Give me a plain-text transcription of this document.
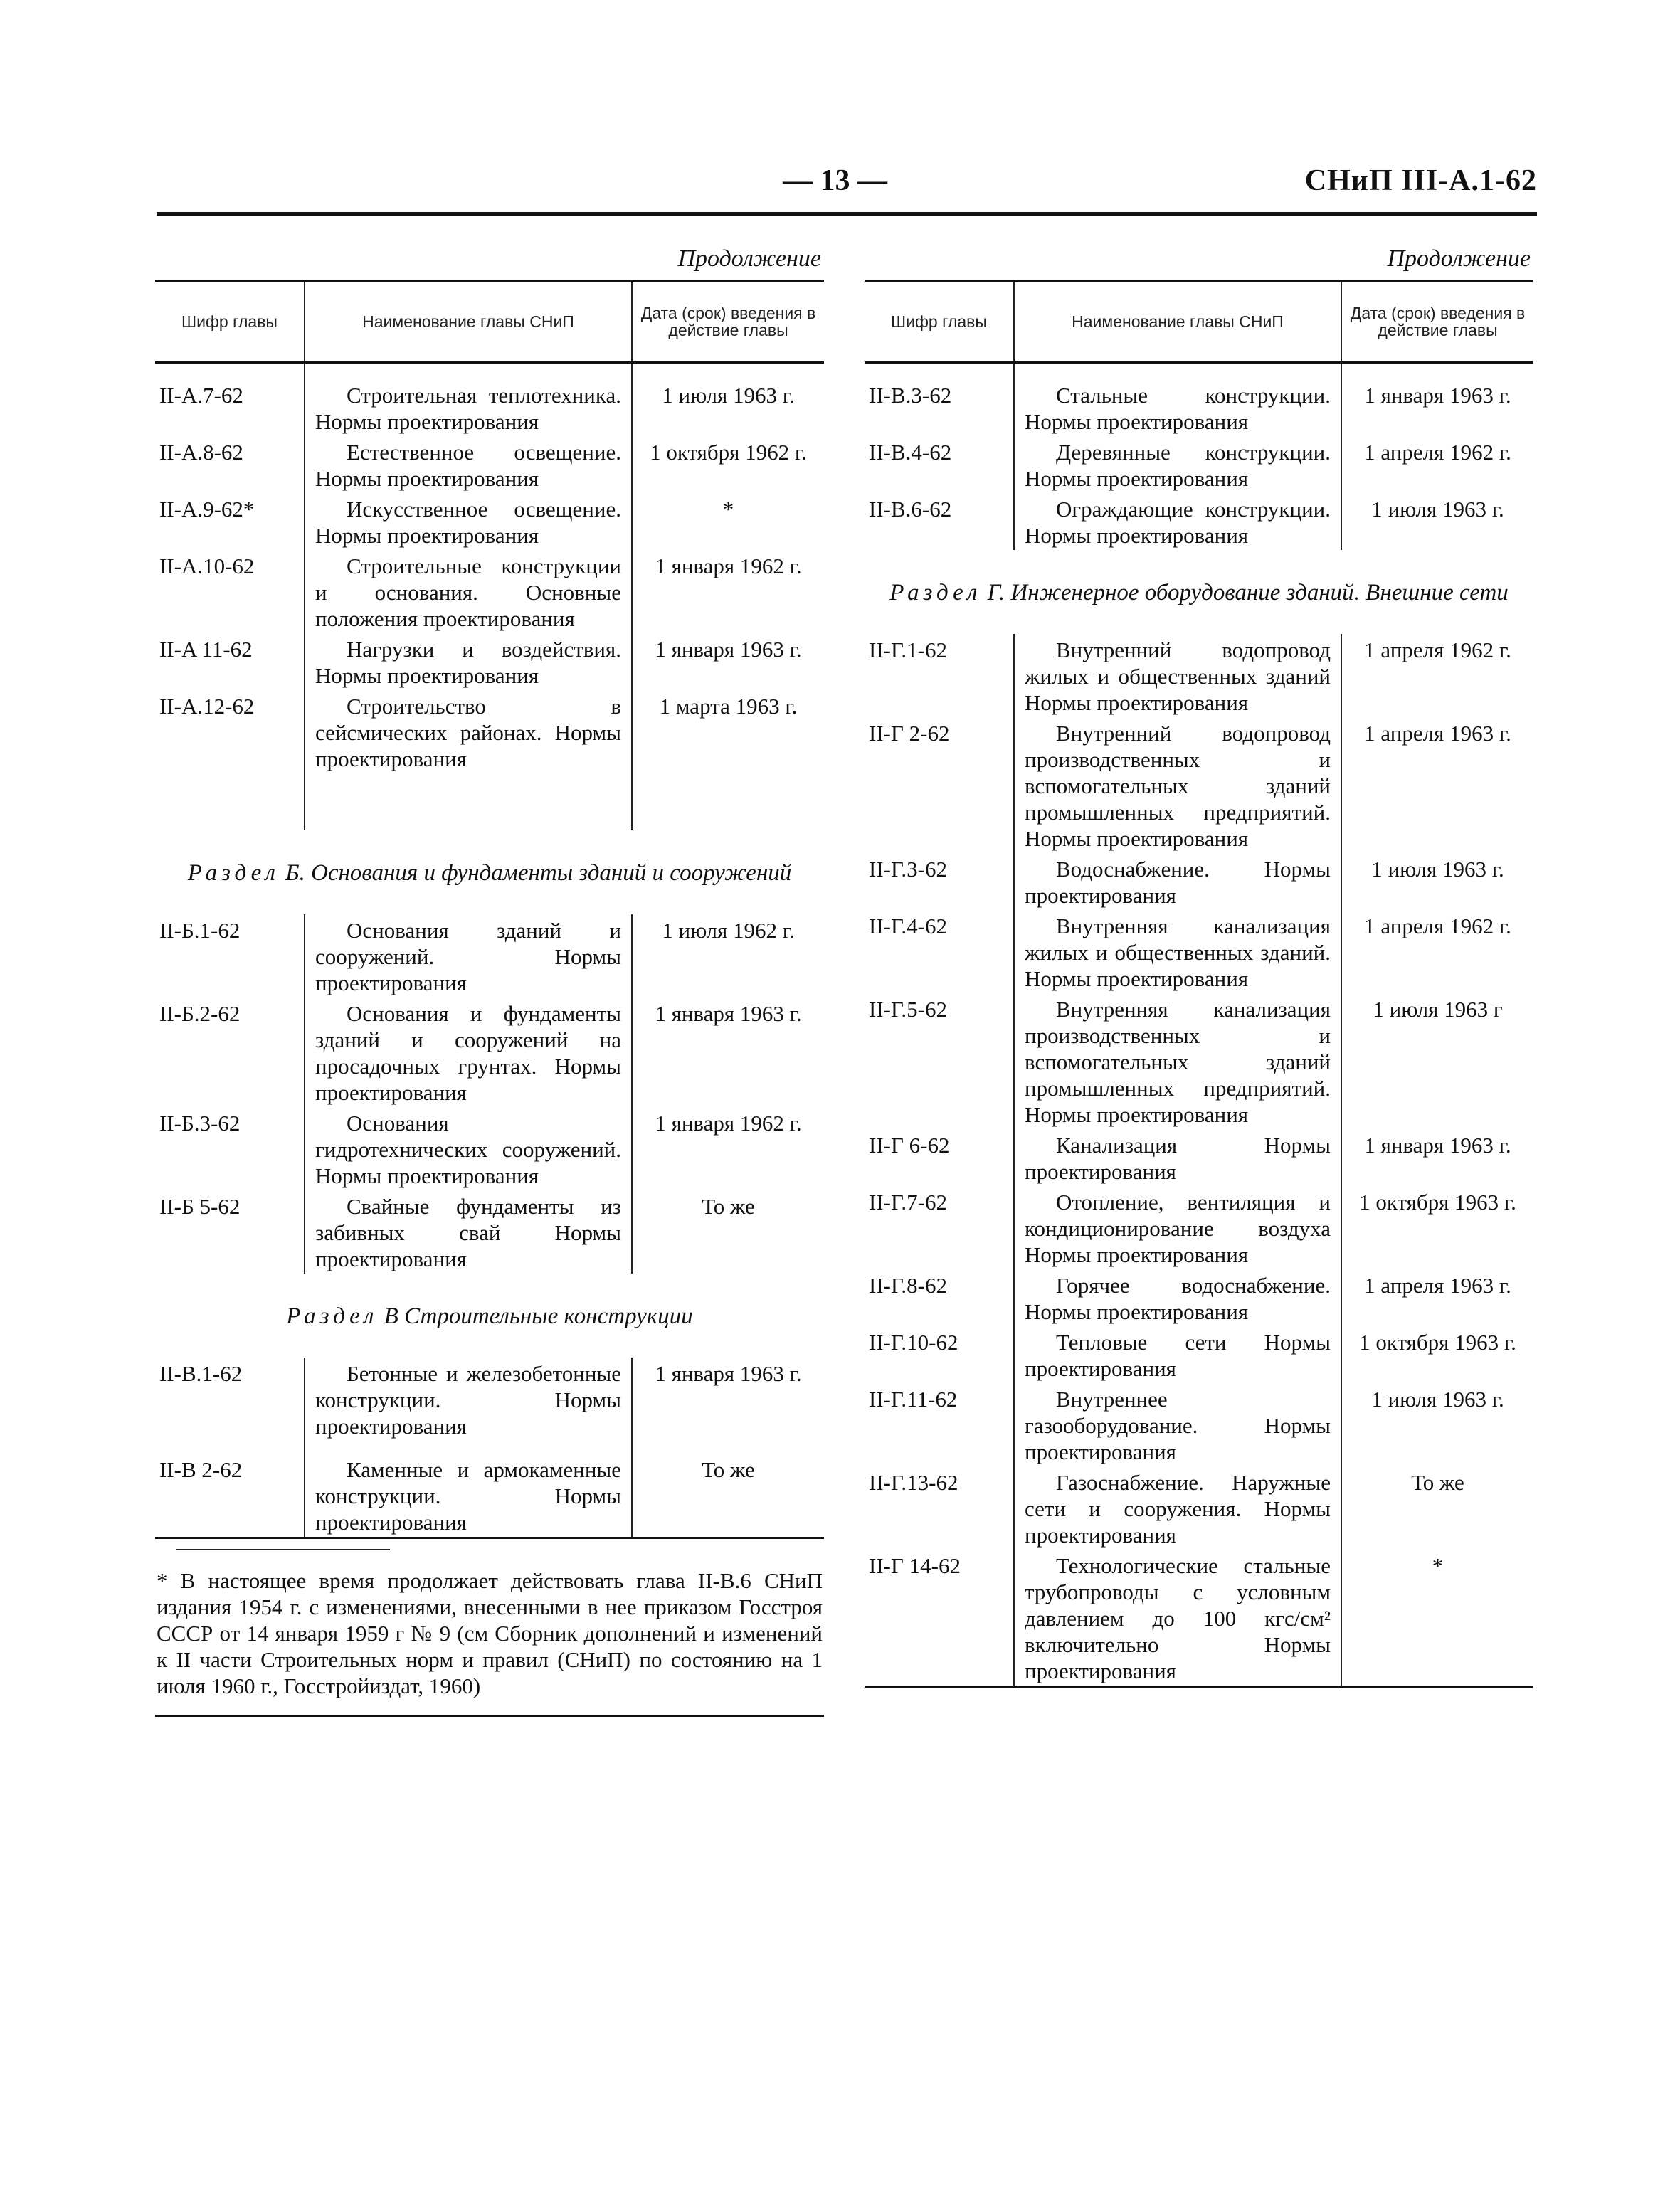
— 13 —	СНиП III-А.1-62
Продолжение
Шифр главы	Наименование главы СНиП	Дата (срок) введения в действие главы
II-A.7-62	Строительная теплотехника. Нормы проектирования	1 июля 1963 г.
II-A.8-62	Естественное освещение. Нормы проектирования	1 октября 1962 г.
II-A.9-62*	Искусственное освещение. Нормы проектирования	*
II-A.10-62	Строительные конструкции и основания. Основные положения проектирования	1 января 1962 г.
II-A 11-62	Нагрузки и воздействия. Нормы проектирования	1 января 1963 г.
II-A.12-62	Строительство в сейсмических районах. Нормы проектирования	1 марта 1963 г.

Раздел Б. Основания и фундаменты зданий и сооружений		
II-Б.1-62	Основания зданий и сооружений. Нормы проектирования	1 июля 1962 г.
II-Б.2-62	Основания и фундаменты зданий и сооружений на просадочных грунтах. Нормы проектирования	1 января 1963 г.
II-Б.3-62	Основания гидротехнических сооружений. Нормы проектирования	1 января 1962 г.
II-Б 5-62	Свайные фундаменты из забивных свай Нормы проектирования	То же
Раздел В Строительные конструкции		
II-B.1-62	Бетонные и железобетонные конструкции. Нормы проектирования	1 января 1963 г.

II-B 2-62	Каменные и армокаменные конструкции. Нормы проектирования	То же
* В настоящее время продолжает действовать глава II-В.6 СНиП издания 1954 г. с изменениями, внесенными в нее приказом Госстроя СССР от 14 января 1959 г № 9 (см Сборник дополнений и изменений к II части Строительных норм и правил (СНиП) по состоянию на 1 июля 1960 г., Госстройиздат, 1960)
Продолжение
Шифр главы	Наименование главы СНиП	Дата (срок) введения в действие главы
II-B.3-62	Стальные конструкции. Нормы проектирования	1 января 1963 г.
II-B.4-62	Деревянные конструкции. Нормы проектирования	1 апреля 1962 г.
II-B.6-62	Ограждающие конструкции. Нормы проектирования	1 июля 1963 г.
Раздел Г. Инженерное оборудование зданий. Внешние сети		
II-Г.1-62	Внутренний водопровод жилых и общественных зданий Нормы проектирования	1 апреля 1962 г.
II-Г 2-62	Внутренний водопровод производственных и вспомогательных зданий промышленных предприятий. Нормы проектирования	1 апреля 1963 г.
II-Г.3-62	Водоснабжение. Нормы проектирования	1 июля 1963 г.
II-Г.4-62	Внутренняя канализация жилых и общественных зданий. Нормы проектирования	1 апреля 1962 г.
II-Г.5-62	Внутренняя канализация производственных и вспомогательных зданий промышленных предприятий. Нормы проектирования	1 июля 1963 г
II-Г 6-62	Канализация Нормы проектирования	1 января 1963 г.
II-Г.7-62	Отопление, вентиляция и кондиционирование воздуха Нормы проектирования	1 октября 1963 г.
II-Г.8-62	Горячее водоснабжение. Нормы проектирования	1 апреля 1963 г.
II-Г.10-62	Тепловые сети Нормы проектирования	1 октября 1963 г.
II-Г.11-62	Внутреннее газооборудование. Нормы проектирования	1 июля 1963 г.
II-Г.13-62	Газоснабжение. Наружные сети и сооружения. Нормы проектирования	То же
II-Г 14-62	Технологические стальные трубопроводы с условным давлением до 100 кгс/см² включительно Нормы проектирования	*
